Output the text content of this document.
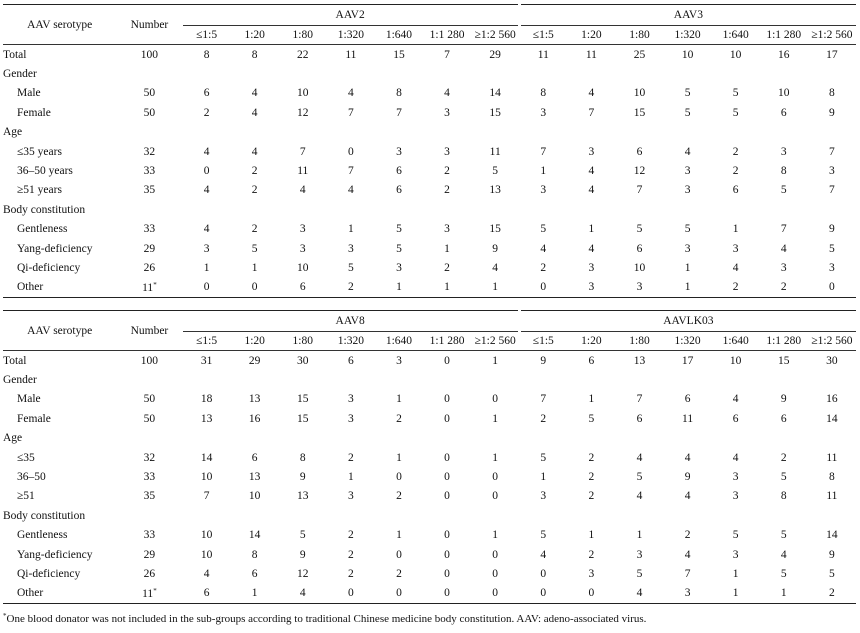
AAV serotype	Number	AAV2							AAV3						
		≤1:5	1:20	1:80	1:320	1:640	1:1 280	≥1:2 560	≤1:5	1:20	1:80	1:320	1:640	1:1 280	≥1:2 560
Total	100	8	8	22	11	15	7	29	11	11	25	10	10	16	17
Gender															
Male	50	6	4	10	4	8	4	14	8	4	10	5	5	10	8
Female	50	2	4	12	7	7	3	15	3	7	15	5	5	6	9
Age															
≤35 years	32	4	4	7	0	3	3	11	7	3	6	4	2	3	7
36–50 years	33	0	2	11	7	6	2	5	1	4	12	3	2	8	3
≥51 years	35	4	2	4	4	6	2	13	3	4	7	3	6	5	7
Body constitution															
Gentleness	33	4	2	3	1	5	3	15	5	1	5	5	1	7	9
Yang-deficiency	29	3	5	3	3	5	1	9	4	4	6	3	3	4	5
Qi-deficiency	26	1	1	10	5	3	2	4	2	3	10	1	4	3	3
Other	11*	0	0	6	2	1	1	1	0	3	3	1	2	2	0
AAV serotype	Number	AAV8							AAVLK03						
		≤1:5	1:20	1:80	1:320	1:640	1:1 280	≥1:2 560	≤1:5	1:20	1:80	1:320	1:640	1:1 280	≥1:2 560
Total	100	31	29	30	6	3	0	1	9	6	13	17	10	15	30
Gender															
Male	50	18	13	15	3	1	0	0	7	1	7	6	4	9	16
Female	50	13	16	15	3	2	0	1	2	5	6	11	6	6	14
Age															
≤35	32	14	6	8	2	1	0	1	5	2	4	4	4	2	11
36–50	33	10	13	9	1	0	0	0	1	2	5	9	3	5	8
≥51	35	7	10	13	3	2	0	0	3	2	4	4	3	8	11
Body constitution															
Gentleness	33	10	14	5	2	1	0	1	5	1	1	2	5	5	14
Yang-deficiency	29	10	8	9	2	0	0	0	4	2	3	4	3	4	9
Qi-deficiency	26	4	6	12	2	2	0	0	0	3	5	7	1	5	5
Other	11*	6	1	4	0	0	0	0	0	0	4	3	1	1	2
*One blood donator was not included in the sub-groups according to traditional Chinese medicine body constitution. AAV: adeno-associated virus.
